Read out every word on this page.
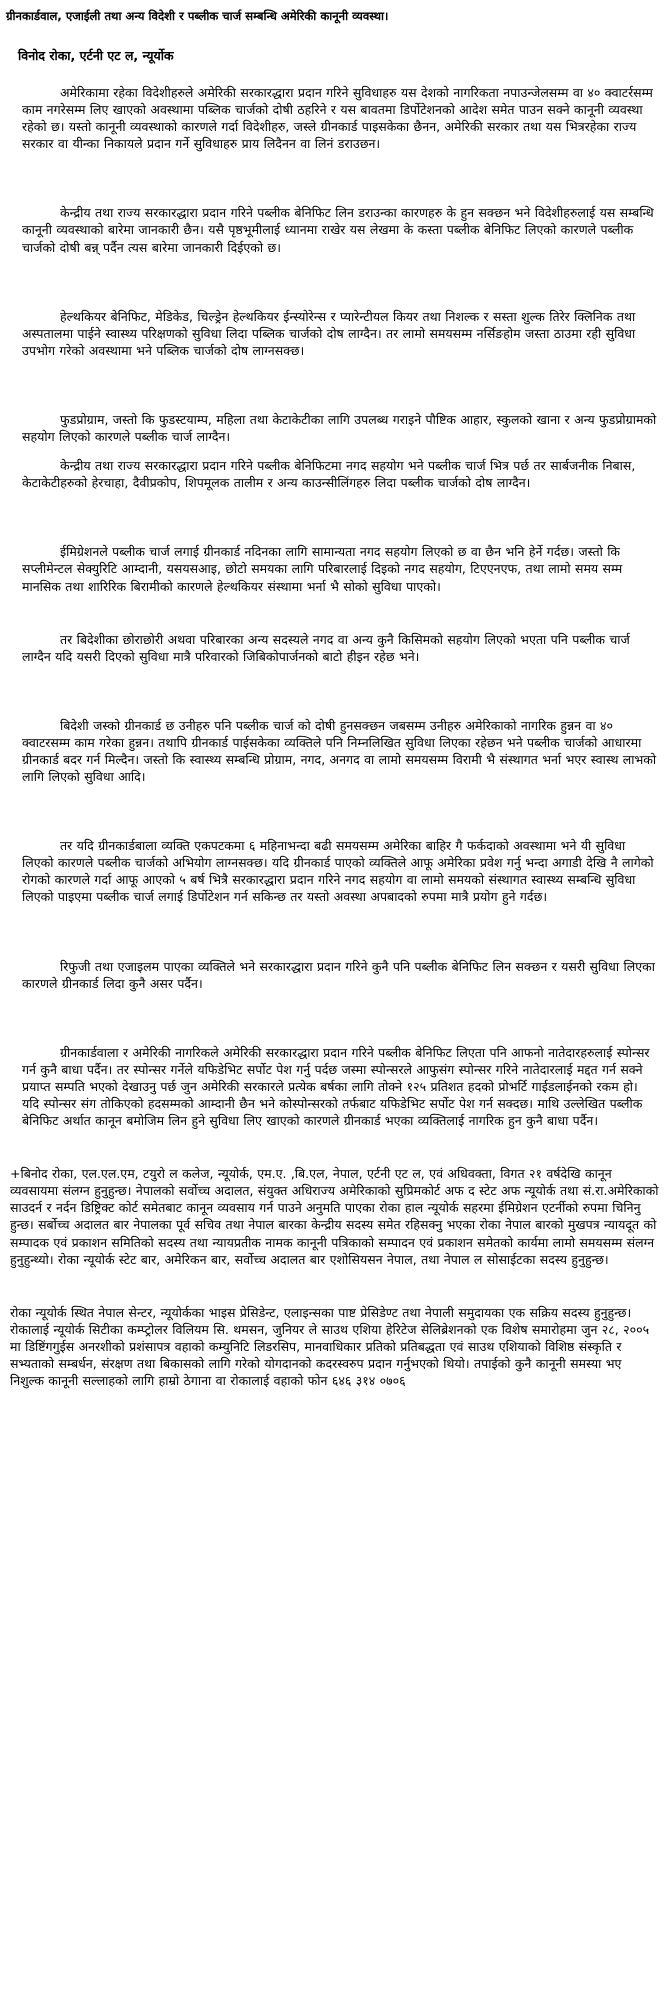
ग्रीनकार्डवाल, एजाईली तथा अन्य विदेशी र पब्लीक चार्ज सम्बन्धि अमेरिकी कानूनी व्यवस्था।

विनोद रोका, एर्टनी एट ल, न्यूर्योक

अमेरिकामा रहेका विदेशीहरुले अमेरिकी सरकारद्धारा प्रदान गरिने सुविधाहरु यस देशको नागरिकता नपाउन्जेलसम्म वा ४० क्वाटर्रसम्म काम नगरेसम्म लिए खाएको अवस्थामा पब्लिक चार्जको दोषी ठहरिने र यस बावतमा डिर्पोटेशनको आदेश समेत पाउन सक्ने कानूनी व्यवस्था रहेको छ। यस्तो कानूनी व्यवस्थाको कारणले गर्दा विदेशीहरु, जस्ले ग्रीनकार्ड पाइसकेका छैनन, अमेरिकी सरकार तथा यस भित्ररहेका राज्य सरकार वा यीन्का निकायले प्रदान गर्ने सुविधाहरु प्राय लिदैनन वा लिनं डराउछन।

केन्द्रीय तथा राज्य सरकारद्धारा प्रदान गरिने पब्लीक बेनिफिट लिन डराउन्का कारणहरु के हुन सक्छन भने विदेशीहरुलाई यस सम्बन्धि कानूनी व्यवस्थाको बारेमा जानकारी छैन। यसै पृष्ठभूमीलाई ध्यानमा राखेर यस लेखमा के कस्ता पब्लीक बेनिफिट लिएको कारणले पब्लीक चार्जको दोषी बन्न् पर्दैन त्यस बारेमा जानकारी दिईएको छ।

हेल्थकियर बेनिफिट, मेडिकेड, चिल्ड्रेन हेल्थकियर ईन्स्योरेन्स र प्यारेन्टीयल कियर तथा निशल्क र सस्ता शुल्क तिरेर क्लिनिक तथा अस्पतालमा पाईने स्वास्थ्य परिक्षणको सुविधा लिदा पब्लिक चार्जको दोष लाग्दैन। तर लामो समयसम्म नर्सिङहोम जस्ता ठाउमा रही सुविधा उपभोग गरेको अवस्थामा भने पब्लिक चार्जको दोष लाग्नसक्छ।

फुडप्रोग्राम, जस्तो कि फुडस्टयाम्प, महिला तथा केटाकेटीका लागि उपलब्ध गराइने पौष्टिक आहार, स्कुलको खाना र अन्य फुडप्रोग्रामको सहयोग लिएको कारणले पब्लीक चार्ज लाग्दैन।

केन्द्रीय तथा राज्य सरकारद्धारा प्रदान गरिने पब्लीक बेनिफिटमा नगद सहयोग भने पब्लीक चार्ज भित्र पर्छ तर सार्बजनीक निबास, केटाकेटीहरुको हेरचाहा, दैवीप्रकोप, शिपमूलक तालीम र अन्य काउन्सीलिंगहरु लिदा पब्लीक चार्जको दोष लाग्दैन।

ईमिग्रेशनले पब्लीक चार्ज लगाई ग्रीनकार्ड नदिनका लागि सामान्यता नगद सहयोग लिएको छ वा छैन भनि हेर्ने गर्दछ। जस्तो कि सप्लीमेन्टल सेक्युरिटि आम्दानी, यसयसआइ, छोटो समयका लागि परिबारलाई दिइको नगद सहयोग, टिएएनएफ, तथा लामो समय सम्म मानसिक तथा शारिरिक बिरामीको कारणले हेल्थकियर संस्थामा भर्ना भै सोको सुविधा पाएको।

तर बिदेशीका छोराछोरी अथवा परिबारका अन्य सदस्यले नगद वा अन्य कुनै किसिमको सहयोग लिएको भएता पनि पब्लीक चार्ज लाग्दैन यदि यसरी दिएको सुविधा मात्रै परिवारको जिबिकोपार्जनको बाटो हीइन रहेछ भने।

बिदेशी जस्को ग्रीनकार्ड छ उनीहरु पनि पब्लीक चार्ज को दोषी हुनसक्छन जबसम्म उनीहरु अमेरिकाको नागरिक हुन्नन वा ४० क्वाटरसम्म काम गरेका हुन्नन। तथापि ग्रीनकार्ड पाईसकेका व्यक्तिले पनि निम्नलिखित सुविधा लिएका रहेछन भने पब्लीक चार्जको आधारमा ग्रीनकार्ड बदर गर्न मिल्दैन। जस्तो कि स्वास्थ्य सम्बन्धि प्रोग्राम, नगद, अनगद वा लामो समयसम्म विरामी भै संस्थागत भर्ना भएर स्वास्थ लाभको लागि लिएको सुविधा आदि।

तर यदि ग्रीनकार्डबाला व्यक्ति एकपटकमा ६ महिनाभन्दा बढी समयसम्म अमेरिका बाहिर गै फर्कदाको अवस्थामा भने यी सुविधा लिएको कारणले पब्लीक चार्जको अभियोग लाग्नसक्छ। यदि ग्रीनकार्ड पाएको व्यक्तिले आफू अमेरिका प्रवेश गर्नु भन्दा अगाडी देखि नै लागेको रोगको कारणले गर्दा आफू आएको ५ बर्ष भित्रै सरकारद्धारा प्रदान गरिने नगद सहयोग वा लामो समयको संस्थागत स्वास्थ्य सम्बन्धि सुविधा लिएको पाइएमा पब्लीक चार्ज लगाई डिर्पोटेशन गर्न सकिन्छ तर यस्तो अवस्था अपबादको रुपमा मात्रै प्रयोग हुने गर्दछ।

रिफुजी तथा एजाइलम पाएका व्यक्तिले भने सरकारद्धारा प्रदान गरिने कुनै पनि पब्लीक बेनिफिट लिन सक्छन र यसरी सुविधा लिएका कारणले ग्रीनकार्ड लिदा कुनै असर पर्दैन।

ग्रीनकार्डवाला र अमेरिकी नागरिकले अमेरिकी सरकारद्धारा प्रदान गरिने पब्लीक बेनिफिट लिएता पनि आफनो नातेदारहरुलाई स्पोन्सर गर्न कुनै बाधा पर्दैन। तर स्पोन्सर गर्नेले यफिडेभिट सर्पोट पेश गर्नु पर्दछ जस्मा स्पोन्सरले आफुसंग स्पोन्सर गरिने नातेदारलाई मद्दत गर्न सक्ने प्रयाप्त सम्पति भएको देखाउनु पर्छ जुन अमेरिकी सरकारले प्रत्येक बर्षका लागि तोक्ने १२५ प्रतिशत हदको प्रोभर्टि गाईडलाईनको रकम हो। यदि स्पोन्सर संग तोकिएको हदसम्मको आम्दानी छैन भने कोस्पोन्सरको तर्फबाट यफिडेभिट सर्पोट पेश गर्न सक्दछ। माथि उल्लेखित पब्लीक बेनिफिट अर्थात कानून बमोजिम लिन हुने सुविधा लिए खाएको कारणले ग्रीनकार्ड भएका व्यक्तिलाई नागरिक हुन कुनै बाधा पर्दैन।

+बिनोद रोका, एल.एल.एम, टयुरो ल कलेज, न्यूयोर्क, एम.ए. ,बि.एल, नेपाल, एर्टनी एट ल, एवं अधिवक्ता, विगत २१ वर्षदेखि कानून व्यवसायमा संलग्न हुनुहुन्छ। नेपालको सर्वोच्च अदालत, संयुक्त अधिराज्य अमेरिकाको सुप्रिमकोर्ट अफ द स्टेट अफ न्यूयोर्क तथा सं.रा.अमेरिकाको साउदर्न र नर्दन डिष्ट्रिक्ट कोर्ट समेतबाट कानून व्यवसाय गर्न पाउने अनुमति पाएका रोका हाल न्यूयोर्क सहरमा ईमिग्रेशन एटर्नीको रुपमा चिनिनु हुन्छ। सर्बोच्च अदालत बार नेपालका पूर्व सचिव तथा नेपाल बारका केन्द्रीय सदस्य समेत रहिसक्नु भएका रोका नेपाल बारको मुखपत्र न्यायदूत को सम्पादक एवं प्रकाशन समितिको सदस्य तथा न्यायप्रतीक नामक कानूनी पत्रिकाको सम्पादन एवं प्रकाशन समेतको कार्यमा लामो समयसम्म संलग्न हुनुहुन्थ्यो। रोका न्यूयोर्क स्टेट बार, अमेरिकन बार, सर्वोच्च अदालत बार एशोसियसन नेपाल, तथा नेपाल ल सोसाईटका सदस्य हुनुहुन्छ।

रोका न्यूयोर्क स्थित नेपाल सेन्टर, न्यूयोर्कका भाइस प्रेसिडेन्ट, एलाइन्सका पाष्ट प्रेसिडेण्ट तथा नेपाली समुदायका एक सक्रिय सदस्य हुनुहुन्छ। रोकालाई न्यूयोर्क सिटीका कम्प्ट्रोलर विलियम सि. थमसन, जुनियर ले साउथ एशिया हेरिटेज सेलिब्रेशनको एक विशेष समारोहमा जुन २८, २००५ मा डिष्टिंगगुईस अनरशीको प्रशंसापत्र वहाको कम्युनिटि लिडरसिप, मानवाधिकार प्रतिको प्रतिबद्धता एवं साउथ एशियाको विशिष्ठ संस्कृति र सभ्यताको सम्बर्धन, संरक्षण तथा बिकासको लागि गरेको योगदानको कदरस्वरुप प्रदान गर्नुभएको थियो। तपाईको कुनै कानूनी समस्या भए निशुल्क कानूनी सल्लाहको लागि हाम्रो ठेगाना वा रोकालाई वहाको फोन ६४६ ३१४ ०७०६
